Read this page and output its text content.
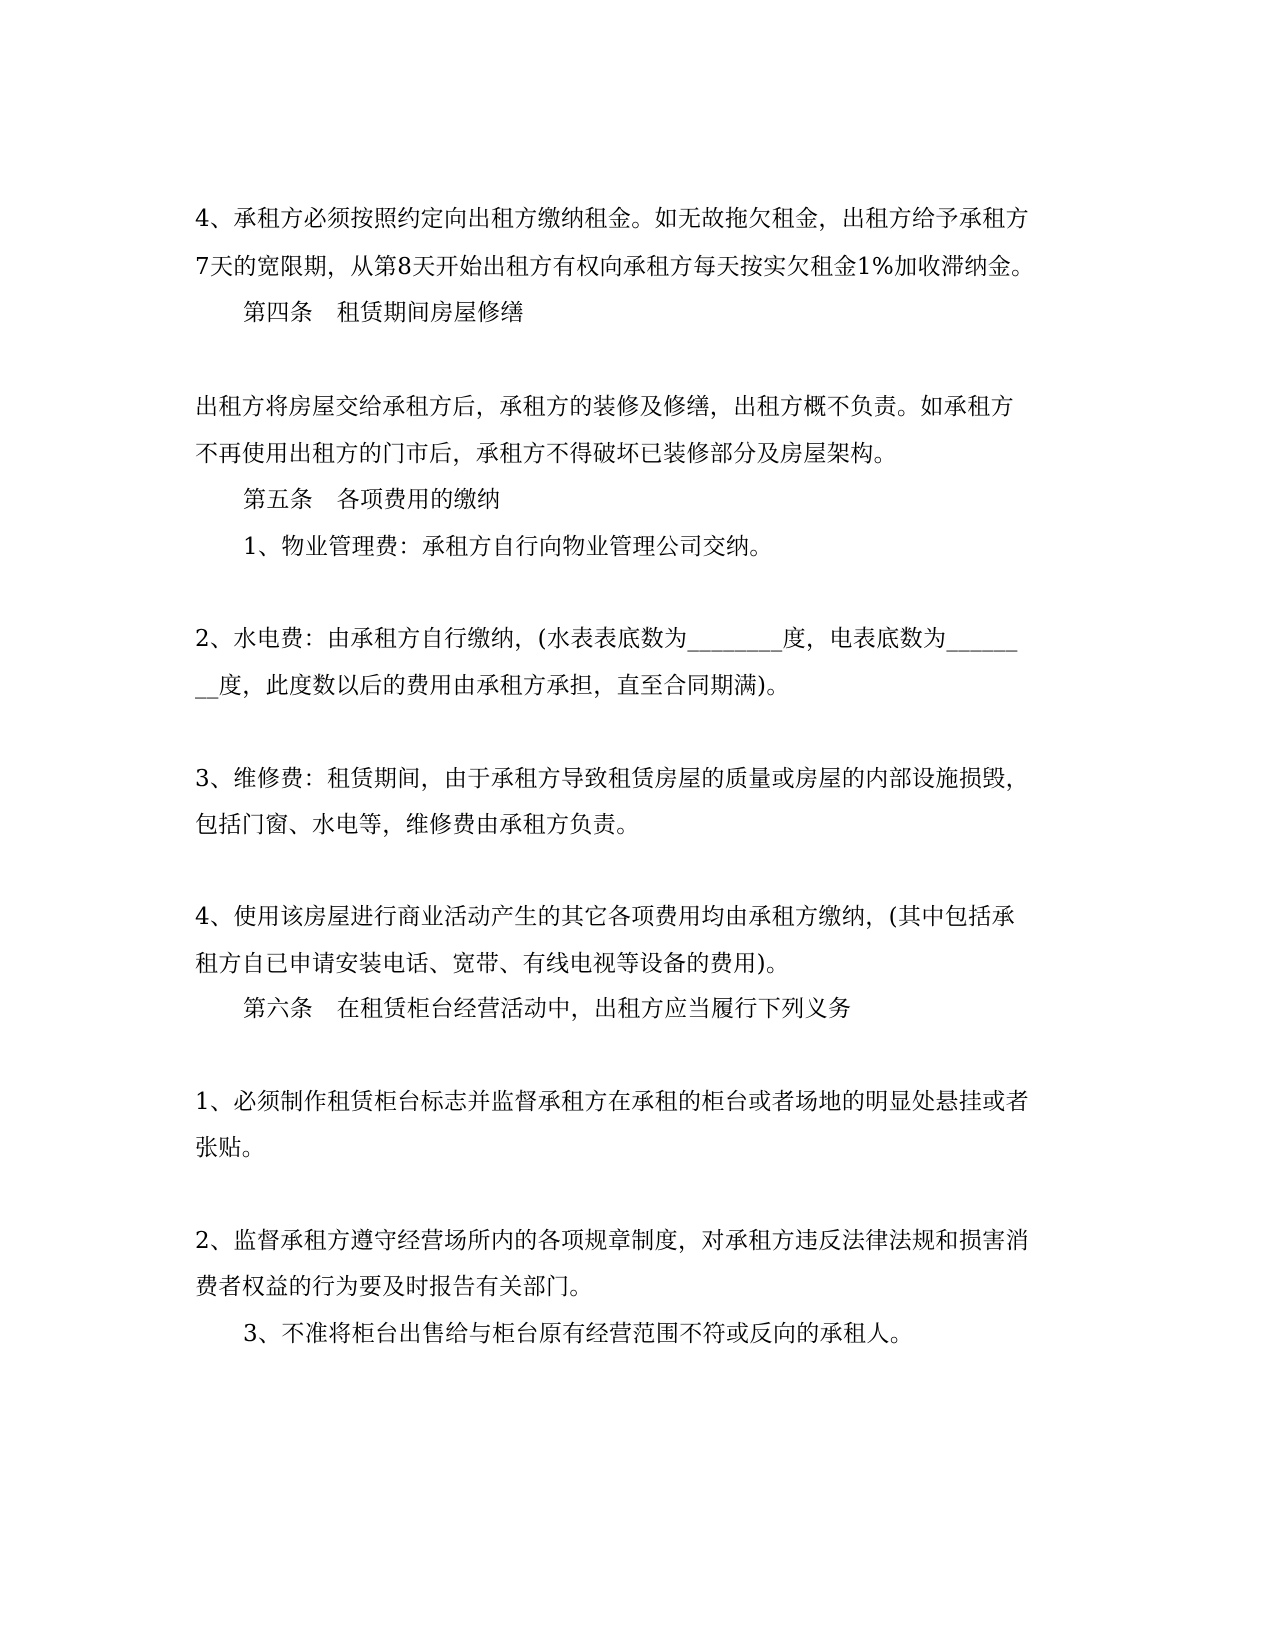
4、承租方必须按照约定向出租方缴纳租金。如无故拖欠租金，出租方给予承租方
7天的宽限期，从第8天开始出租方有权向承租方每天按实欠租金1%加收滞纳金。
第四条　租赁期间房屋修缮
出租方将房屋交给承租方后，承租方的装修及修缮，出租方概不负责。如承租方
不再使用出租方的门市后，承租方不得破坏已装修部分及房屋架构。
第五条　各项费用的缴纳
1、物业管理费：承租方自行向物业管理公司交纳。
2、水电费：由承租方自行缴纳，(水表表底数为________度，电表底数为______
__度，此度数以后的费用由承租方承担，直至合同期满)。
3、维修费：租赁期间，由于承租方导致租赁房屋的质量或房屋的内部设施损毁，
包括门窗、水电等，维修费由承租方负责。
4、使用该房屋进行商业活动产生的其它各项费用均由承租方缴纳，(其中包括承
租方自已申请安装电话、宽带、有线电视等设备的费用)。
第六条　在租赁柜台经营活动中，出租方应当履行下列义务
1、必须制作租赁柜台标志并监督承租方在承租的柜台或者场地的明显处悬挂或者
张贴。
2、监督承租方遵守经营场所内的各项规章制度，对承租方违反法律法规和损害消
费者权益的行为要及时报告有关部门。
3、不准将柜台出售给与柜台原有经营范围不符或反向的承租人。
